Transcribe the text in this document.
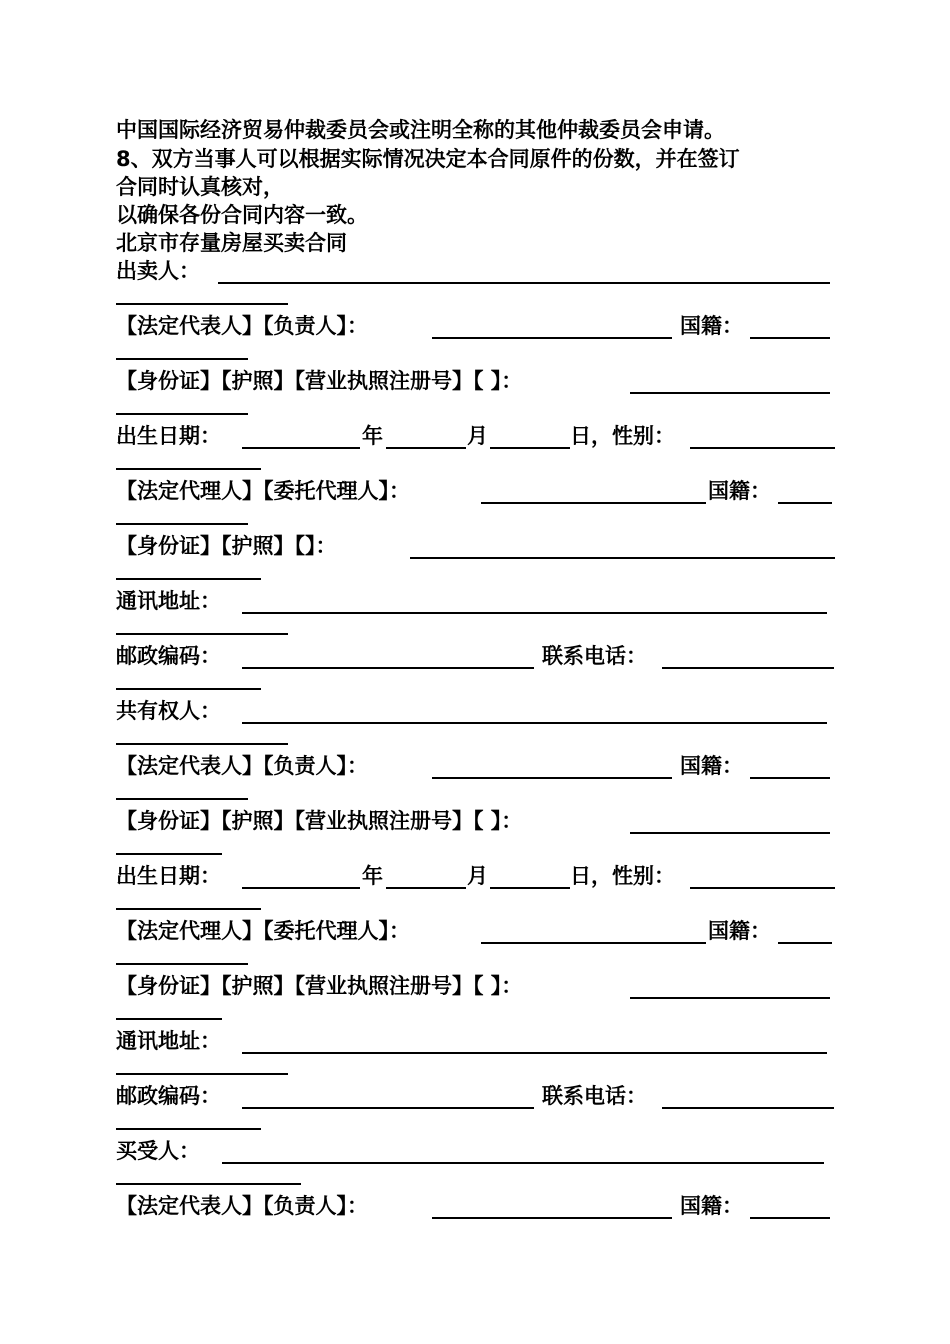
中国国际经济贸易仲裁委员会或注明全称的其他仲裁委员会申请。
8、双方当事人可以根据实际情况决定本合同原件的份数，并在签订
合同时认真核对，
以确保各份合同内容一致。
北京市存量房屋买卖合同
出卖人：
【法定代表人】【负责人】：	国籍：
【身份证】【护照】【营业执照注册号】【 】：
出生日期：	年	月	日，性别：
【法定代理人】【委托代理人】：	国籍：
【身份证】【护照】【】：
通讯地址：
邮政编码：	联系电话：
共有权人：
【法定代表人】【负责人】：	国籍：
【身份证】【护照】【营业执照注册号】【 】：
出生日期：	年	月	日，性别：
【法定代理人】【委托代理人】：	国籍：
【身份证】【护照】【营业执照注册号】【 】：
通讯地址：
邮政编码：	联系电话：
买受人：
【法定代表人】【负责人】：	国籍：
